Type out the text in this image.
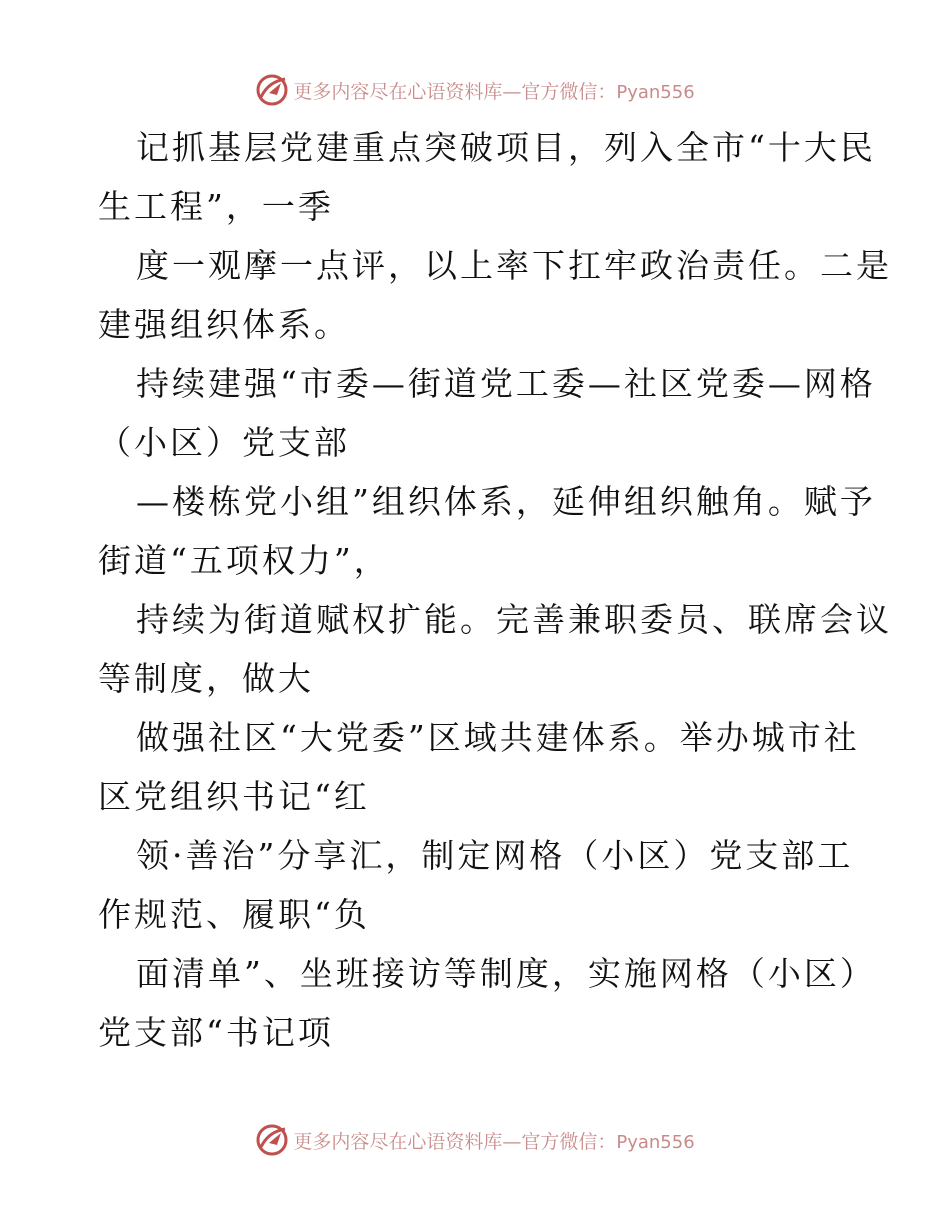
更多内容尽在心语资料库—官方微信：Pyan556

记抓基层党建重点突破项目，列入全市“十大民
生工程”，一季

度一观摩一点评，以上率下扛牢政治责任。二是
建强组织体系。

持续建强“市委—街道党工委—社区党委—网格
（小区）党支部

—楼栋党小组”组织体系，延伸组织触角。赋予
街道“五项权力”，

持续为街道赋权扩能。完善兼职委员、联席会议
等制度，做大

做强社区“大党委”区域共建体系。举办城市社
区党组织书记“红

领·善治”分享汇，制定网格（小区）党支部工
作规范、履职“负

面清单”、坐班接访等制度，实施网格（小区）
党支部“书记项

更多内容尽在心语资料库—官方微信：Pyan556
